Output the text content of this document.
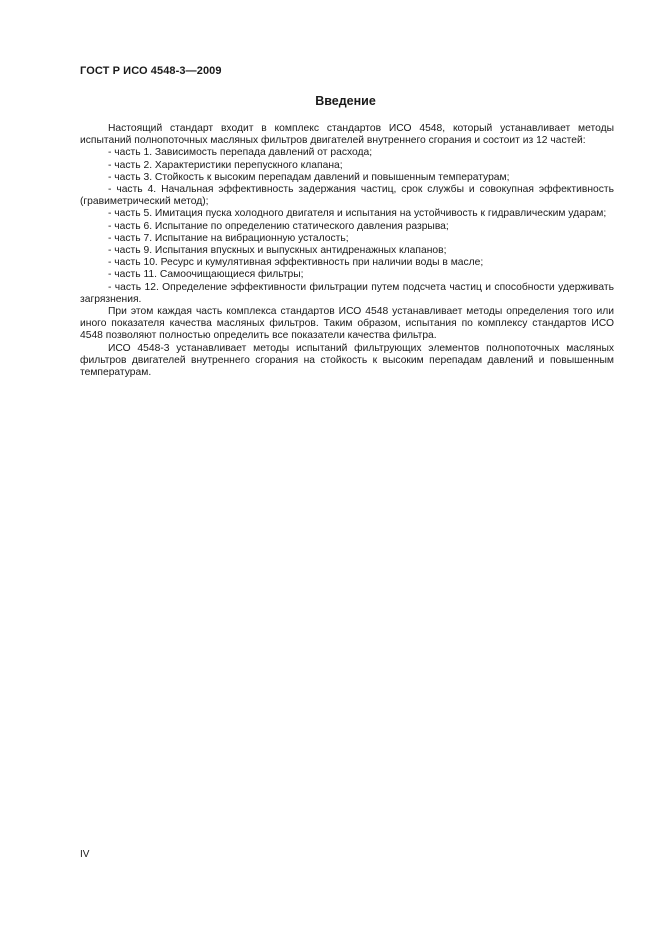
ГОСТ Р ИСО 4548-3—2009
Введение

Настоящий стандарт входит в комплекс стандартов ИСО 4548, который устанавливает методы испытаний полнопоточных масляных фильтров двигателей внутреннего сгорания и состоит из 12 частей:

- часть 1. Зависимость перепада давлений от расхода;
- часть 2. Характеристики перепускного клапана;
- часть 3. Стойкость к высоким перепадам давлений и повышенным температурам;
- часть 4. Начальная эффективность задержания частиц, срок службы и совокупная эффективность (гравиметрический метод);
- часть 5. Имитация пуска холодного двигателя и испытания на устойчивость к гидравлическим ударам;
- часть 6. Испытание по определению статического давления разрыва;
- часть 7. Испытание на вибрационную усталость;
- часть 9. Испытания впускных и выпускных антидренажных клапанов;
- часть 10. Ресурс и кумулятивная эффективность при наличии воды в масле;
- часть 11. Самоочищающиеся фильтры;
- часть 12. Определение эффективности фильтрации путем подсчета частиц и способности удерживать загрязнения.

При этом каждая часть комплекса стандартов ИСО 4548 устанавливает методы определения того или иного показателя качества масляных фильтров. Таким образом, испытания по комплексу стандартов ИСО 4548 позволяют полностью определить все показатели качества фильтра.

ИСО 4548-3 устанавливает методы испытаний фильтрующих элементов полнопоточных масляных фильтров двигателей внутреннего сгорания на стойкость к высоким перепадам давлений и повышенным температурам.

IV
